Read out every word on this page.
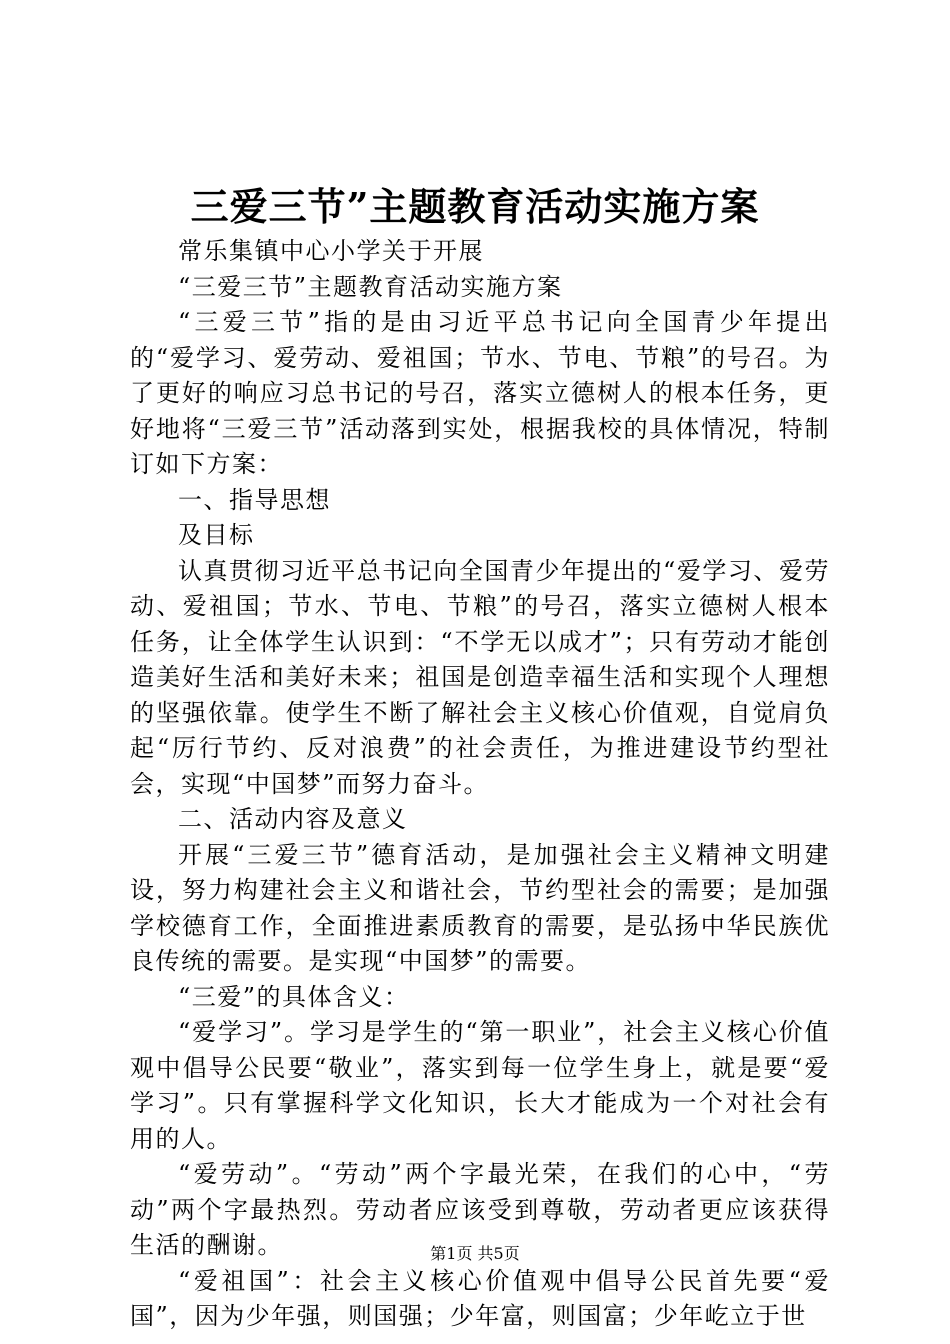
三爱三节”主题教育活动实施方案

常乐集镇中心小学关于开展

“三爱三节”主题教育活动实施方案

“三爱三节”指的是由习近平总书记向全国青少年提出的“爱学习、爱劳动、爱祖国；节水、节电、节粮”的号召。为了更好的响应习总书记的号召，落实立德树人的根本任务，更好地将“三爱三节”活动落到实处，根据我校的具体情况，特制订如下方案：

一、指导思想

及目标

认真贯彻习近平总书记向全国青少年提出的“爱学习、爱劳动、爱祖国；节水、节电、节粮”的号召，落实立德树人根本任务，让全体学生认识到：“不学无以成才”；只有劳动才能创造美好生活和美好未来；祖国是创造幸福生活和实现个人理想的坚强依靠。使学生不断了解社会主义核心价值观，自觉肩负起“厉行节约、反对浪费”的社会责任，为推进建设节约型社会，实现“中国梦”而努力奋斗。

二、活动内容及意义

开展“三爱三节”德育活动，是加强社会主义精神文明建设，努力构建社会主义和谐社会，节约型社会的需要；是加强学校德育工作，全面推进素质教育的需要，是弘扬中华民族优良传统的需要。是实现“中国梦”的需要。

“三爱”的具体含义：

“爱学习”。学习是学生的“第一职业”，社会主义核心价值观中倡导公民要“敬业”，落实到每一位学生身上，就是要“爱学习”。只有掌握科学文化知识，长大才能成为一个对社会有用的人。

“爱劳动”。“劳动”两个字最光荣，在我们的心中，“劳动”两个字最热烈。劳动者应该受到尊敬，劳动者更应该获得生活的酬谢。

“爱祖国”：社会主义核心价值观中倡导公民首先要“爱国”，因为少年强，则国强；少年富，则国富；少年屹立于世

第1页 共5页
